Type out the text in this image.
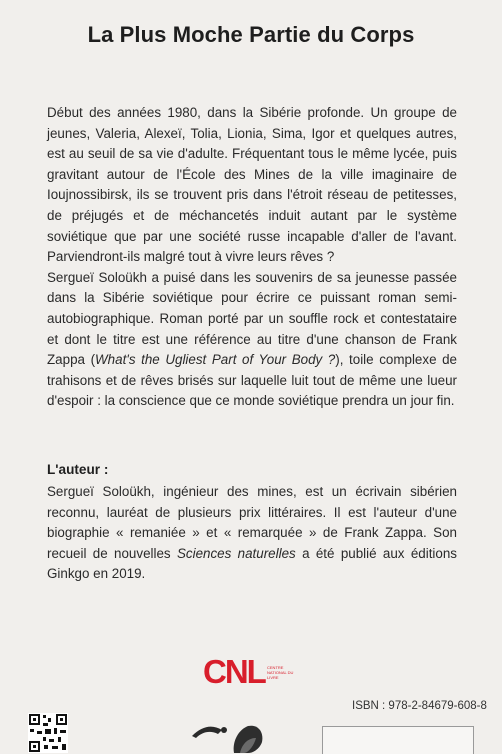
La Plus Moche Partie du Corps

Début des années 1980, dans la Sibérie profonde. Un groupe de jeunes, Valeria, Alexeï, Tolia, Lionia, Sima, Igor et quelques autres, est au seuil de sa vie d'adulte. Fréquentant tous le même lycée, puis gravitant autour de l'École des Mines de la ville imaginaire de Ioujnossibirsk, ils se trouvent pris dans l'étroit réseau de petitesses, de préjugés et de méchancetés induit autant par le système soviétique que par une société russe incapable d'aller de l'avant. Parviendront-ils malgré tout à vivre leurs rêves ?

Sergueï Soloükh a puisé dans les souvenirs de sa jeunesse passée dans la Sibérie soviétique pour écrire ce puissant roman semi-autobiographique. Roman porté par un souffle rock et contestataire et dont le titre est une référence au titre d'une chanson de Frank Zappa (What's the Ugliest Part of Your Body ?), toile complexe de trahisons et de rêves brisés sur laquelle luit tout de même une lueur d'espoir : la conscience que ce monde soviétique prendra un jour fin.

L'auteur :

Sergueï Soloükh, ingénieur des mines, est un écrivain sibérien reconnu, lauréat de plusieurs prix littéraires. Il est l'auteur d'une biographie « remaniée » et « remarquée » de Frank Zappa. Son recueil de nouvelles Sciences naturelles a été publié aux éditions Ginkgo en 2019.

CNL CENTRE NATIONAL DU LIVRE
ISBN : 978-2-84679-608-8
